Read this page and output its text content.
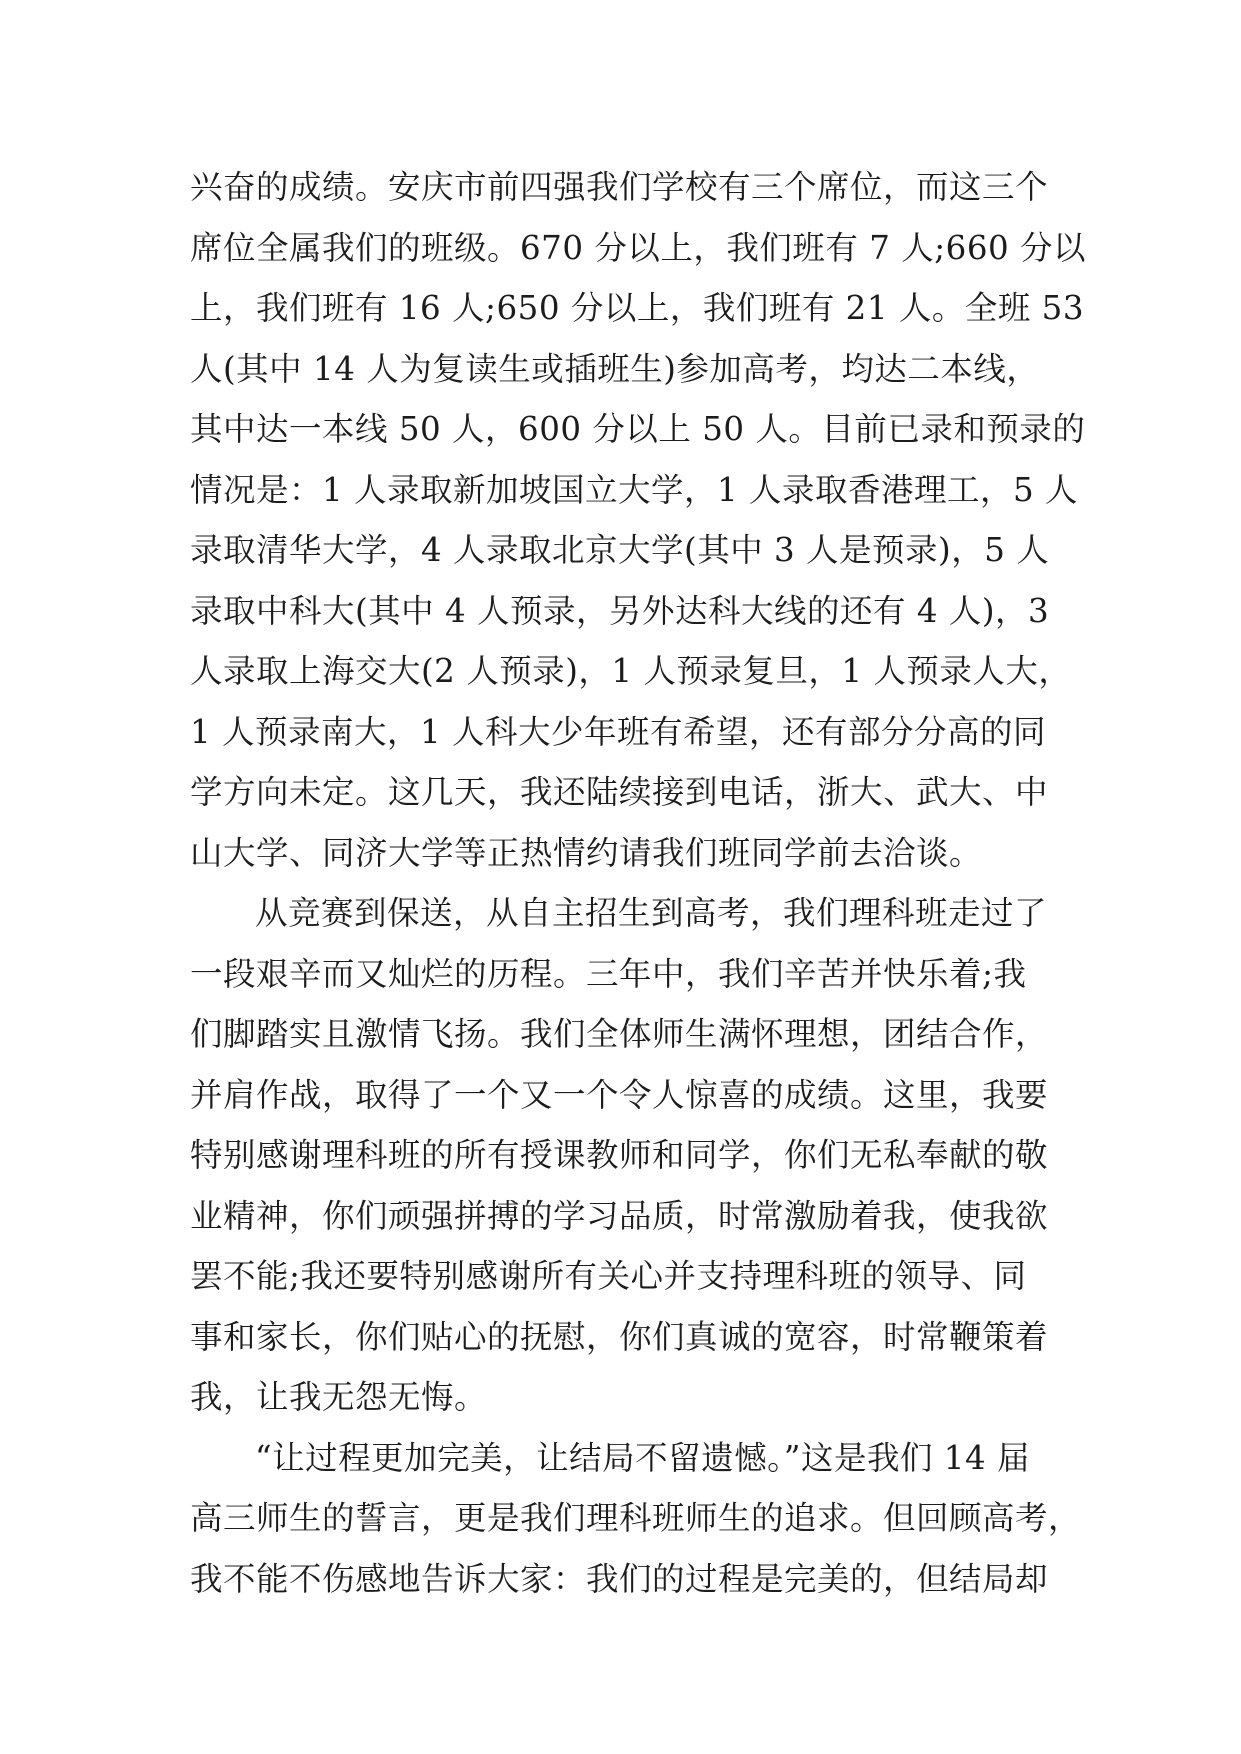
兴奋的成绩。安庆市前四强我们学校有三个席位，而这三个
席位全属我们的班级。670 分以上，我们班有 7 人;660 分以
上，我们班有 16 人;650 分以上，我们班有 21 人。全班 53
人(其中 14 人为复读生或插班生)参加高考，均达二本线，
其中达一本线 50 人，600 分以上 50 人。目前已录和预录的
情况是：1 人录取新加坡国立大学，1 人录取香港理工，5 人
录取清华大学，4 人录取北京大学(其中 3 人是预录)，5 人
录取中科大(其中 4 人预录，另外达科大线的还有 4 人)，3
人录取上海交大(2 人预录)，1 人预录复旦，1 人预录人大，
1 人预录南大，1 人科大少年班有希望，还有部分分高的同
学方向未定。这几天，我还陆续接到电话，浙大、武大、中
山大学、同济大学等正热情约请我们班同学前去洽谈。
从竞赛到保送，从自主招生到高考，我们理科班走过了
一段艰辛而又灿烂的历程。三年中，我们辛苦并快乐着;我
们脚踏实且激情飞扬。我们全体师生满怀理想，团结合作，
并肩作战，取得了一个又一个令人惊喜的成绩。这里，我要
特别感谢理科班的所有授课教师和同学，你们无私奉献的敬
业精神，你们顽强拼搏的学习品质，时常激励着我，使我欲
罢不能;我还要特别感谢所有关心并支持理科班的领导、同
事和家长，你们贴心的抚慰，你们真诚的宽容，时常鞭策着
我，让我无怨无悔。
“让过程更加完美，让结局不留遗憾。”这是我们 14 届
高三师生的誓言，更是我们理科班师生的追求。但回顾高考，
我不能不伤感地告诉大家：我们的过程是完美的，但结局却
